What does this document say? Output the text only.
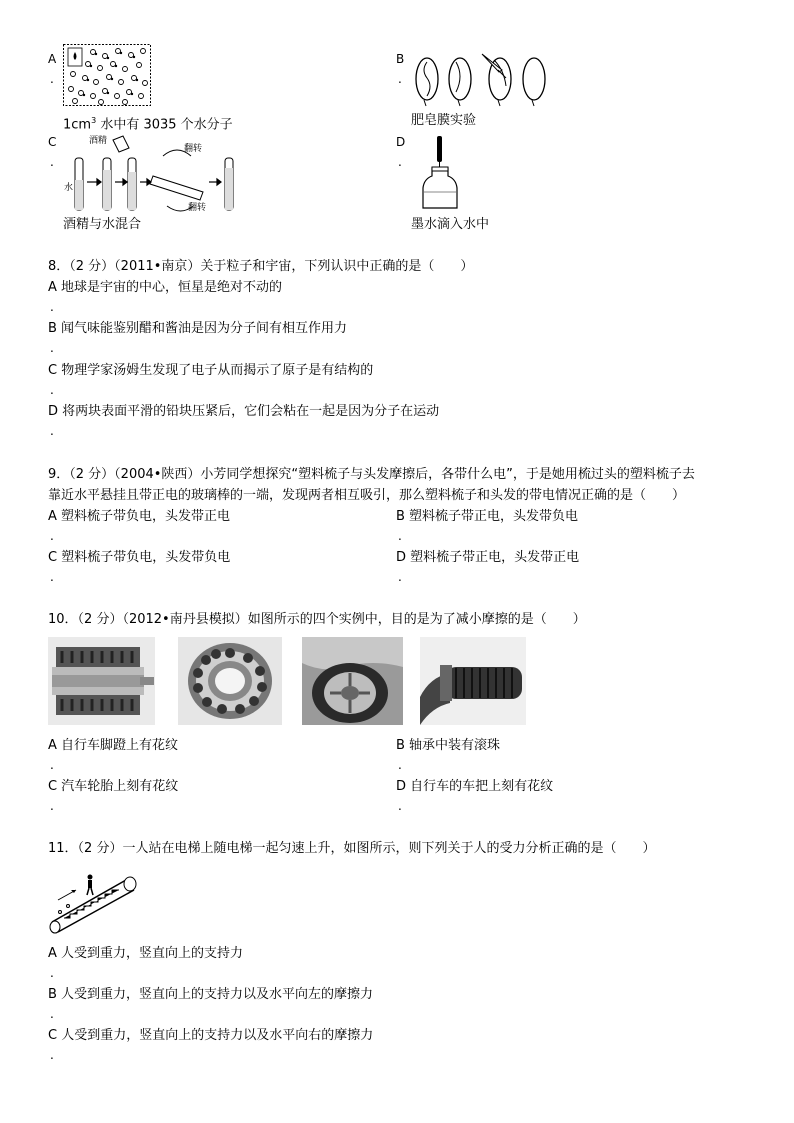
A
.
$1cm^3$ 水中有 3035 个水分子
B
.
肥皂膜实验
C
.
酒精
水
翻转
翻转
酒精与水混合
D
.
墨水滴入水中
8．（2 分）（2011•南京）关于粒子和宇宙，下列认识中正确的是（　　）
A 地球是宇宙的中心，恒星是绝对不动的
.
B 闻气味能鉴别醋和酱油是因为分子间有相互作用力
.
C 物理学家汤姆生发现了电子从而揭示了原子是有结构的
.
D 将两块表面平滑的铅块压紧后，它们会粘在一起是因为分子在运动
.
9．（2 分）（2004•陕西）小芳同学想探究“塑料梳子与头发摩擦后，各带什么电”，于是她用梳过头的塑料梳子去
靠近水平悬挂且带正电的玻璃棒的一端，发现两者相互吸引，那么塑料梳子和头发的带电情况正确的是（　　）
A 塑料梳子带负电，头发带正电
.
B 塑料梳子带正电，头发带负电
.
C 塑料梳子带负电，头发带负电
.
D 塑料梳子带正电，头发带正电
.
10．（2 分）（2012•南丹县模拟）如图所示的四个实例中，目的是为了减小摩擦的是（　　）
A 自行车脚蹬上有花纹
.
B 轴承中装有滚珠
.
C 汽车轮胎上刻有花纹
.
D 自行车的车把上刻有花纹
.
11．（2 分）一人站在电梯上随电梯一起匀速上升，如图所示，则下列关于人的受力分析正确的是（　　）
A 人受到重力，竖直向上的支持力
.
B 人受到重力，竖直向上的支持力以及水平向左的摩擦力
.
C 人受到重力，竖直向上的支持力以及水平向右的摩擦力
.
